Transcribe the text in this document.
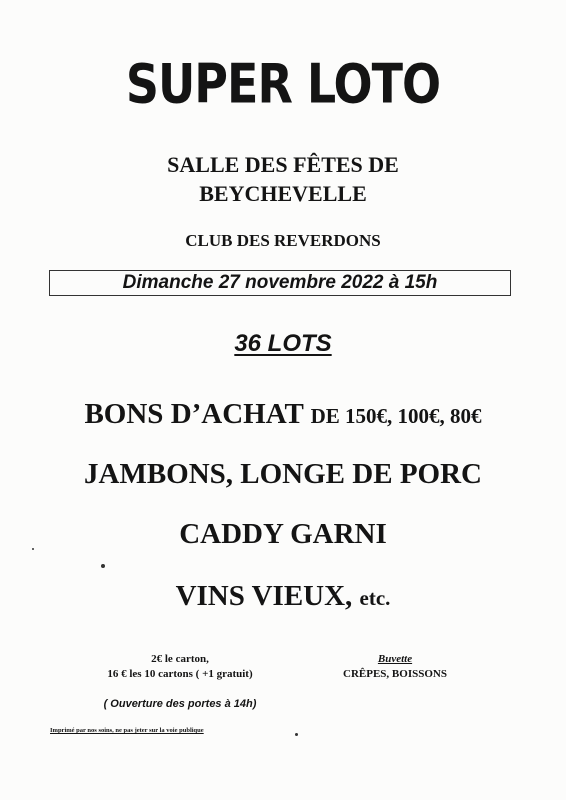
SUPER LOTO
SALLE DES FÊTES DE
BEYCHEVELLE
CLUB DES REVERDONS
Dimanche 27 novembre 2022 à 15h
36 LOTS
BONS D’ACHAT DE 150€, 100€, 80€
JAMBONS, LONGE DE PORC
CADDY GARNI
VINS VIEUX, etc.
2€ le carton,
16 € les 10 cartons ( +1 gratuit)
( Ouverture des portes à 14h)
Buvette
CRÊPES, BOISSONS
Imprimé par nos soins, ne pas jeter sur la voie publique
